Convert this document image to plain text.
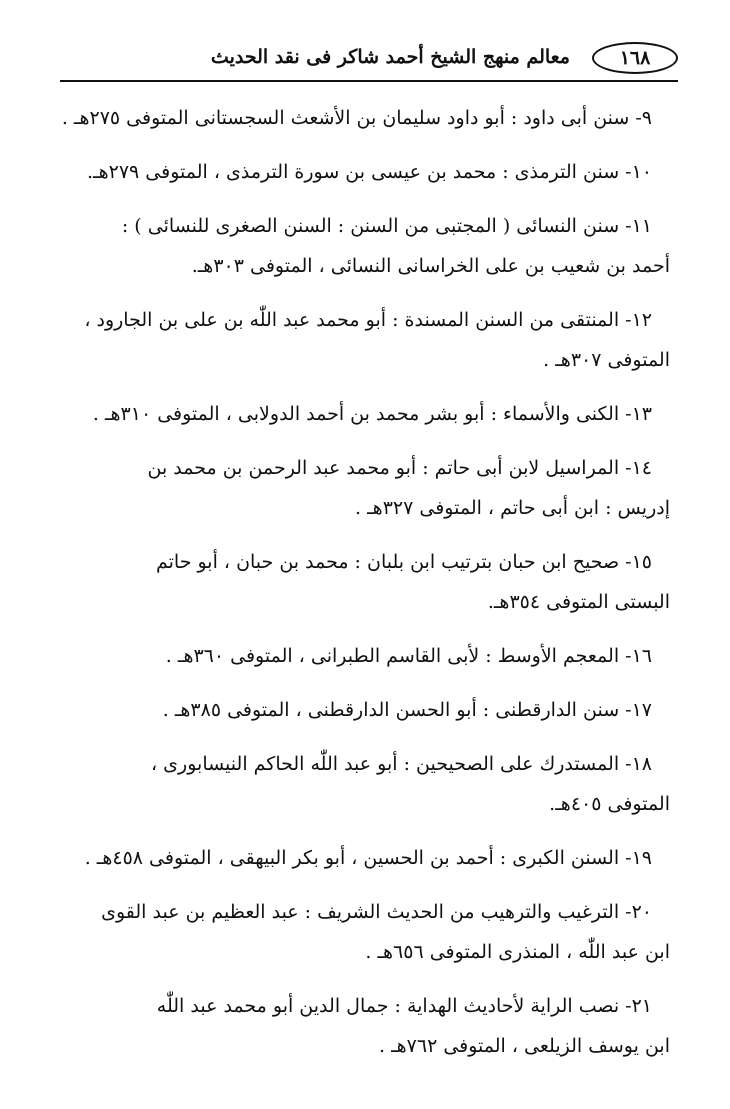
١٦٨
معالم منهج الشيخ أحمد شاكر فى نقد الحديث

٩- سنن أبى داود : أبو داود سليمان بن الأشعث السجستانى المتوفى ٢٧٥هـ .

١٠- سنن الترمذى : محمد بن عيسى بن سورة الترمذى ، المتوفى ٢٧٩هـ.

١١- سنن النسائى ( المجتبى من السنن : السنن الصغرى للنسائى ) :
أحمد بن شعيب بن على الخراسانى النسائى ، المتوفى ٣٠٣هـ.

١٢- المنتقى من السنن المسندة : أبو محمد عبد اللّٰه بن على بن الجارود ،
المتوفى ٣٠٧هـ .

١٣- الكنى والأسماء : أبو بشر محمد بن أحمد الدولابى ، المتوفى ٣١٠هـ .

١٤- المراسيل لابن أبى حاتم : أبو محمد عبد الرحمن بن محمد بن
إدريس : ابن أبى حاتم ، المتوفى ٣٢٧هـ .

١٥- صحيح ابن حبان بترتيب ابن بلبان : محمد بن حبان ، أبو حاتم
البستى المتوفى ٣٥٤هـ.

١٦- المعجم الأوسط : لأبى القاسم الطبرانى ، المتوفى ٣٦٠هـ .

١٧- سنن الدارقطنى : أبو الحسن الدارقطنى ، المتوفى ٣٨٥هـ .

١٨- المستدرك على الصحيحين : أبو عبد اللّٰه الحاكم النيسابورى ،
المتوفى ٤٠٥هـ.

١٩- السنن الكبرى : أحمد بن الحسين ، أبو بكر البيهقى ، المتوفى ٤٥٨هـ .

٢٠- الترغيب والترهيب من الحديث الشريف : عبد العظيم بن عبد القوى
ابن عبد اللّٰه ، المنذرى المتوفى ٦٥٦هـ .

٢١- نصب الراية لأحاديث الهداية : جمال الدين أبو محمد عبد اللّٰه
ابن يوسف الزيلعى ، المتوفى ٧٦٢هـ .
